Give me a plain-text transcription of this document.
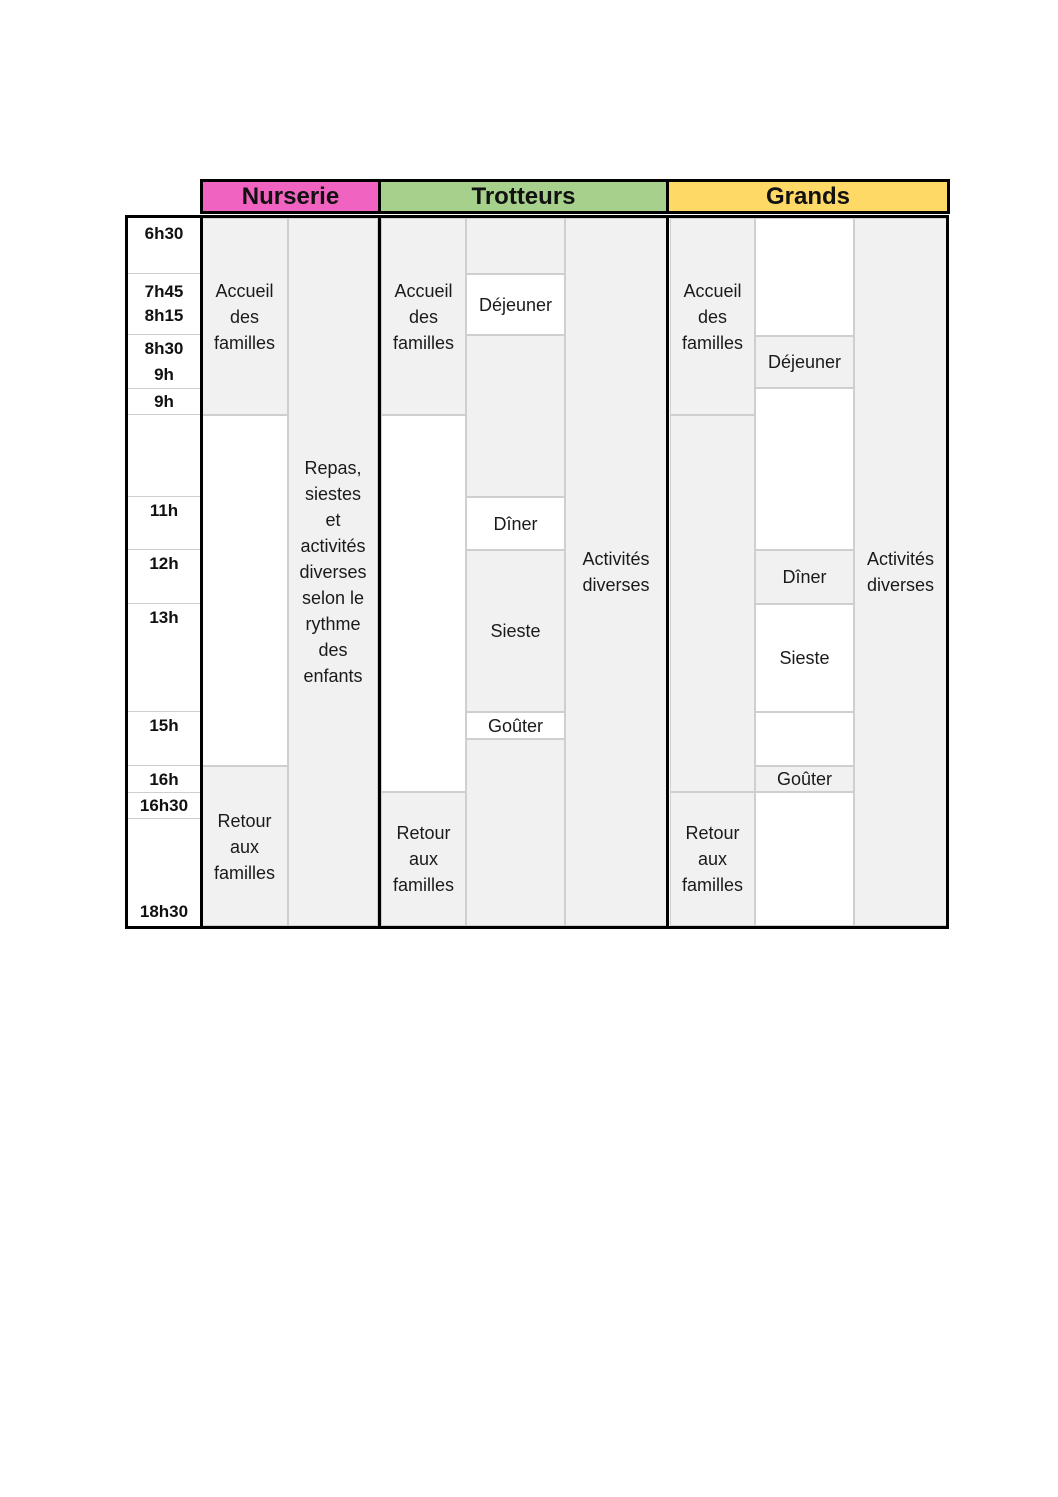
Nurserie	Trotteurs	Grands
6h30
7h45
8h15
8h30
9h
9h
11h
12h
13h
15h
16h
16h30
18h30
Accueil
des
familles
Retour
aux
familles
Repas,
siestes
et
activités
diverses
selon le
rythme
des
enfants
Accueil
des
familles
Retour
aux
familles
Déjeuner
Dîner
Sieste
Goûter
Activités
diverses
Accueil
des
familles
Retour
aux
familles
Déjeuner
Dîner
Sieste
Goûter
Activités
diverses
